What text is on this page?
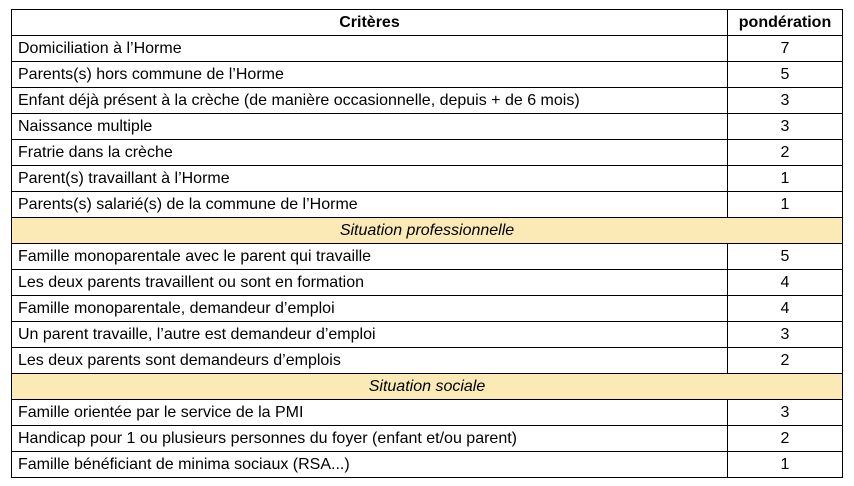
Critères	pondération
Domiciliation à l’Horme	7
Parents(s) hors commune de l’Horme	5
Enfant déjà présent à la crèche (de manière occasionnelle, depuis + de 6 mois)	3
Naissance multiple	3
Fratrie dans la crèche	2
Parent(s) travaillant à l’Horme	1
Parents(s) salarié(s) de la commune de l’Horme	1
Situation professionnelle	
Famille monoparentale avec le parent qui travaille	5
Les deux parents travaillent ou sont en formation	4
Famille monoparentale, demandeur d’emploi	4
Un parent travaille, l’autre est demandeur d’emploi	3
Les deux parents sont demandeurs d’emplois	2
Situation sociale	
Famille orientée par le service de la PMI	3
Handicap pour 1 ou plusieurs personnes du foyer (enfant et/ou parent)	2
Famille bénéficiant de minima sociaux (RSA...)	1
